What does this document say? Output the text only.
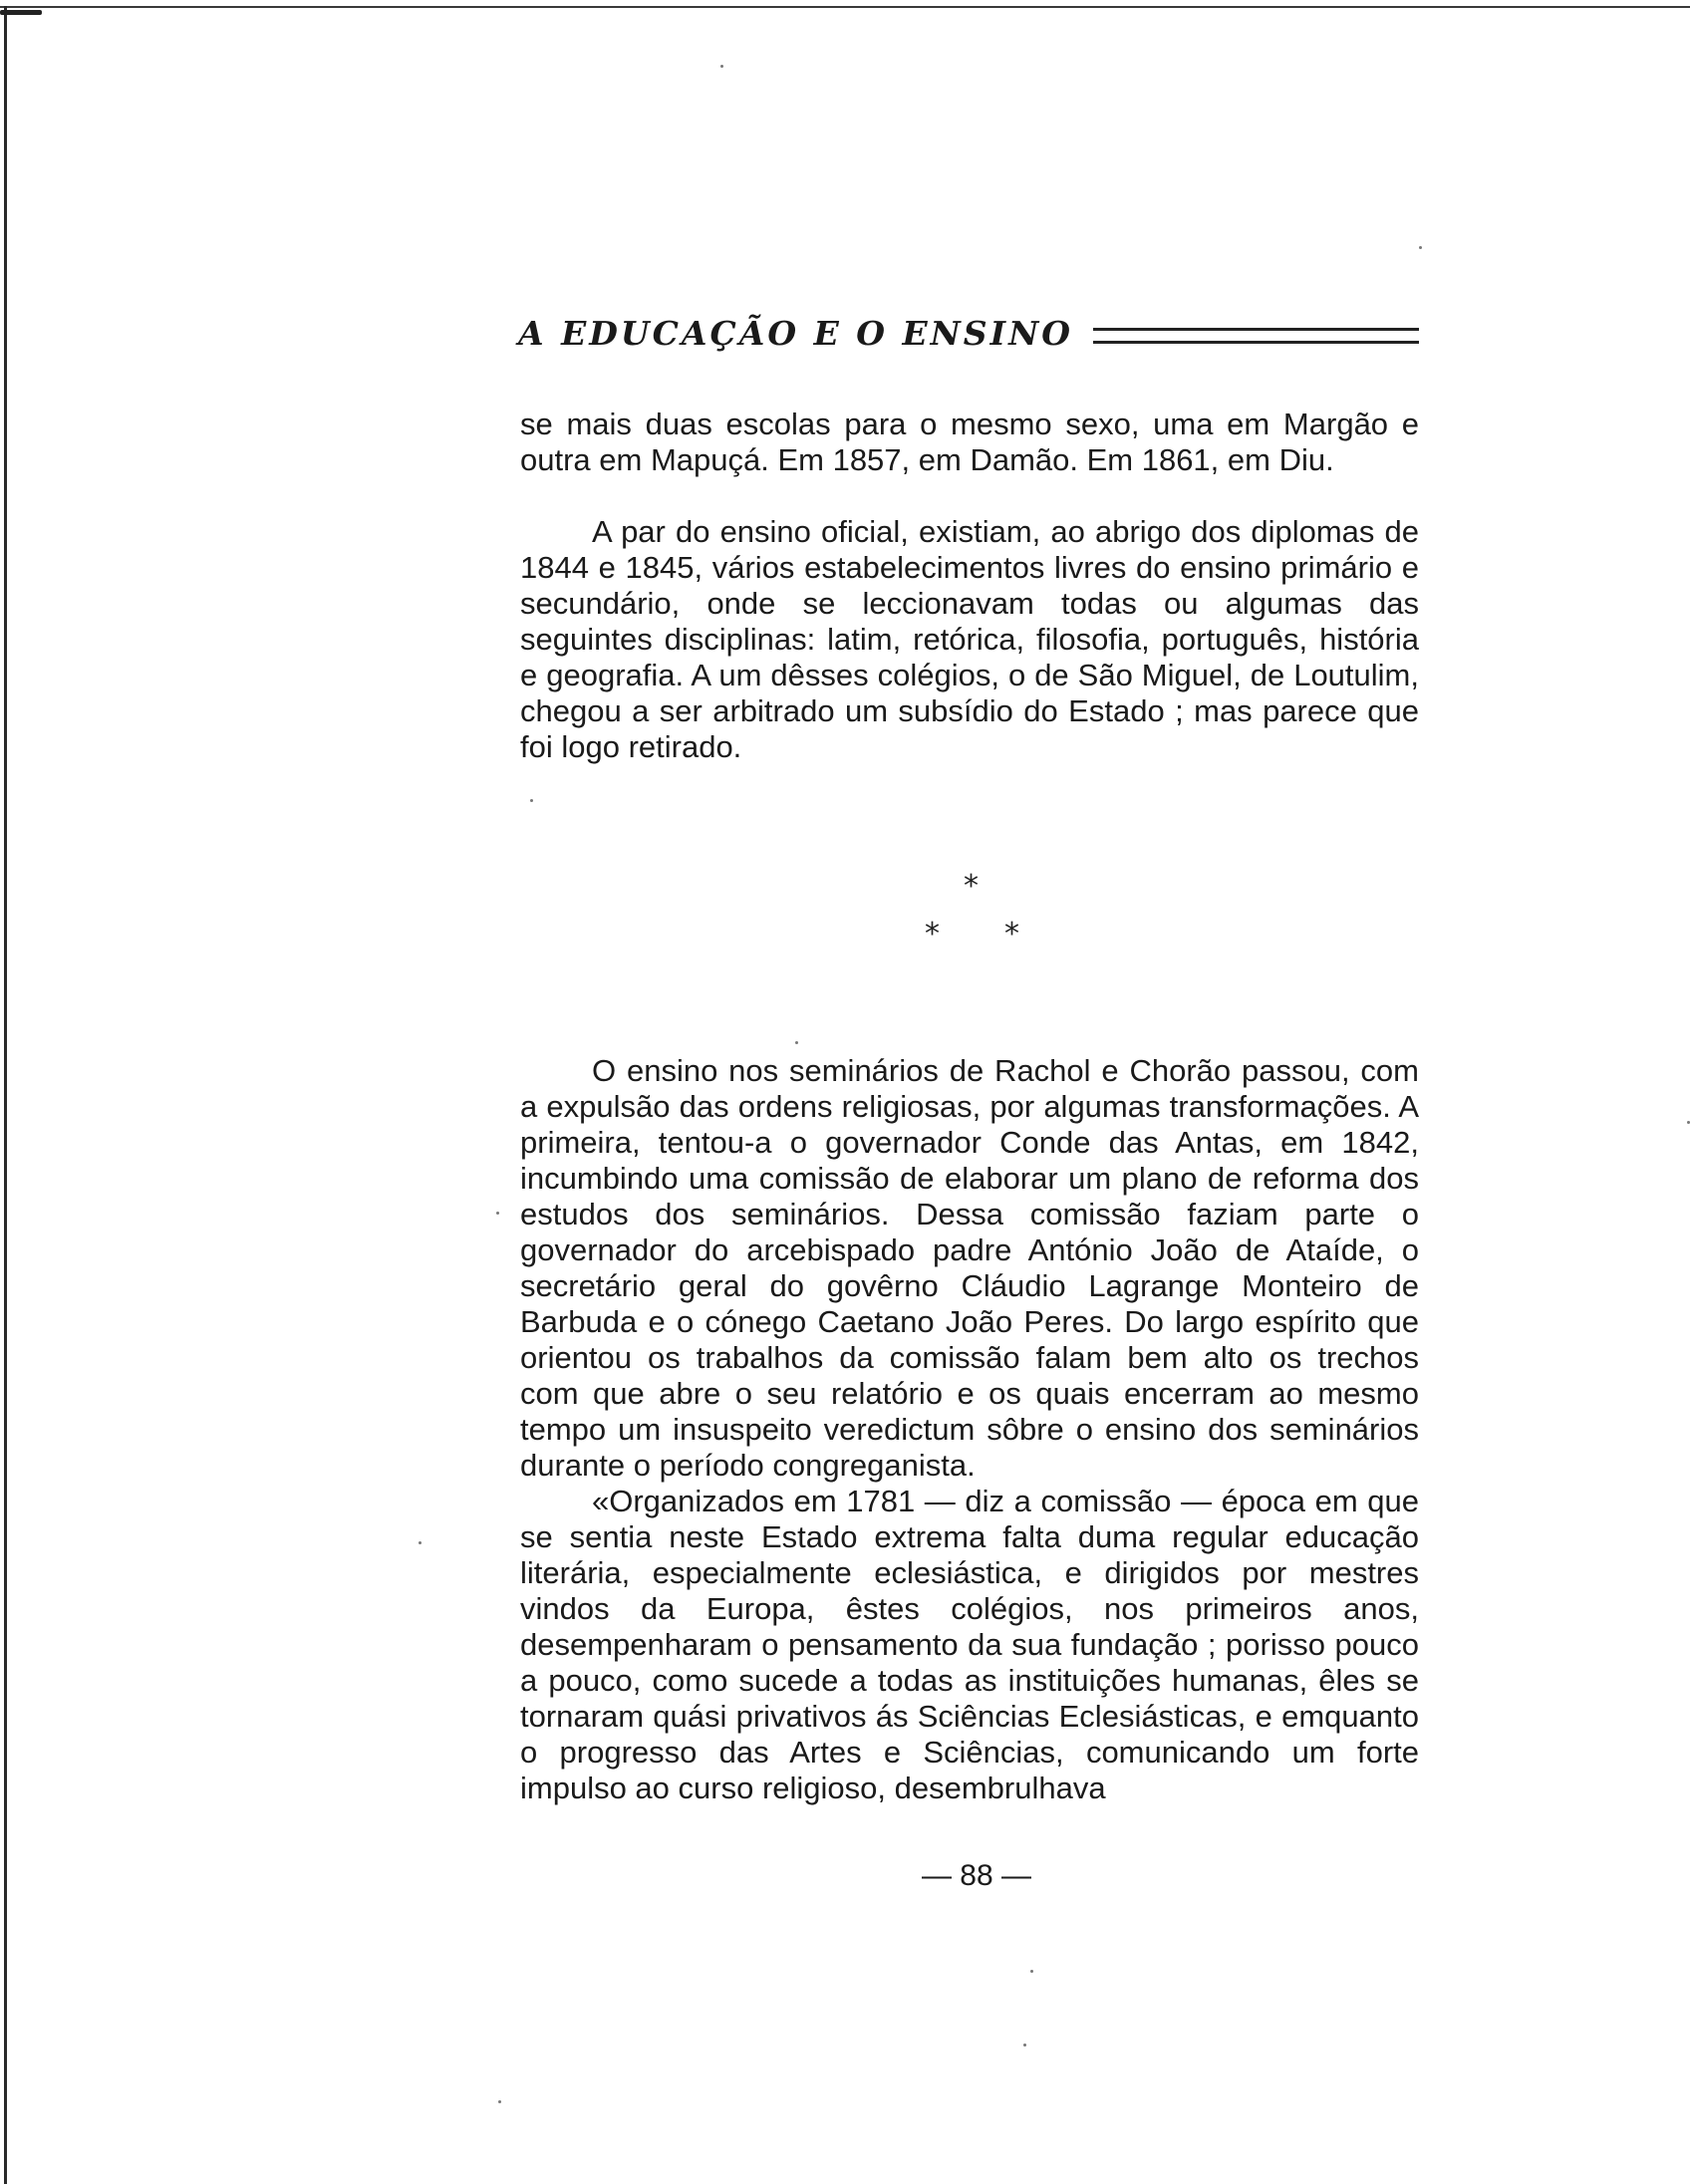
A EDUCAÇÃO E O ENSINO

se mais duas escolas para o mesmo sexo, uma em Margão e outra em Mapuçá. Em 1857, em Damão. Em 1861, em Diu.

A par do ensino oficial, existiam, ao abrigo dos diplomas de 1844 e 1845, vários estabelecimentos livres do ensino primário e secundário, onde se leccionavam todas ou algumas das seguintes disciplinas: latim, retórica, filosofia, português, história e geografia. A um dêsses colégios, o de São Miguel, de Loutulim, chegou a ser arbitrado um subsídio do Estado ; mas parece que foi logo retirado.

*
* *

O ensino nos seminários de Rachol e Chorão passou, com a expulsão das ordens religiosas, por algumas transformações. A primeira, tentou-a o governador Conde das Antas, em 1842, incumbindo uma comissão de elaborar um plano de reforma dos estudos dos seminários. Dessa comissão faziam parte o governador do arcebispado padre António João de Ataíde, o secretário geral do govêrno Cláudio Lagrange Monteiro de Barbuda e o cónego Caetano João Peres. Do largo espírito que orientou os trabalhos da comissão falam bem alto os trechos com que abre o seu relatório e os quais encerram ao mesmo tempo um insuspeito veredictum sôbre o ensino dos seminários durante o período congreganista.

«Organizados em 1781 — diz a comissão — época em que se sentia neste Estado extrema falta duma regular educação literária, especialmente eclesiástica, e dirigidos por mestres vindos da Europa, êstes colégios, nos primeiros anos, desempenharam o pensamento da sua fundação ; porisso pouco a pouco, como sucede a todas as instituições humanas, êles se tornaram quási privativos ás Sciências Eclesiásticas, e emquanto o progresso das Artes e Sciências, comunicando um forte impulso ao curso religioso, desembrulhava

— 88 —
